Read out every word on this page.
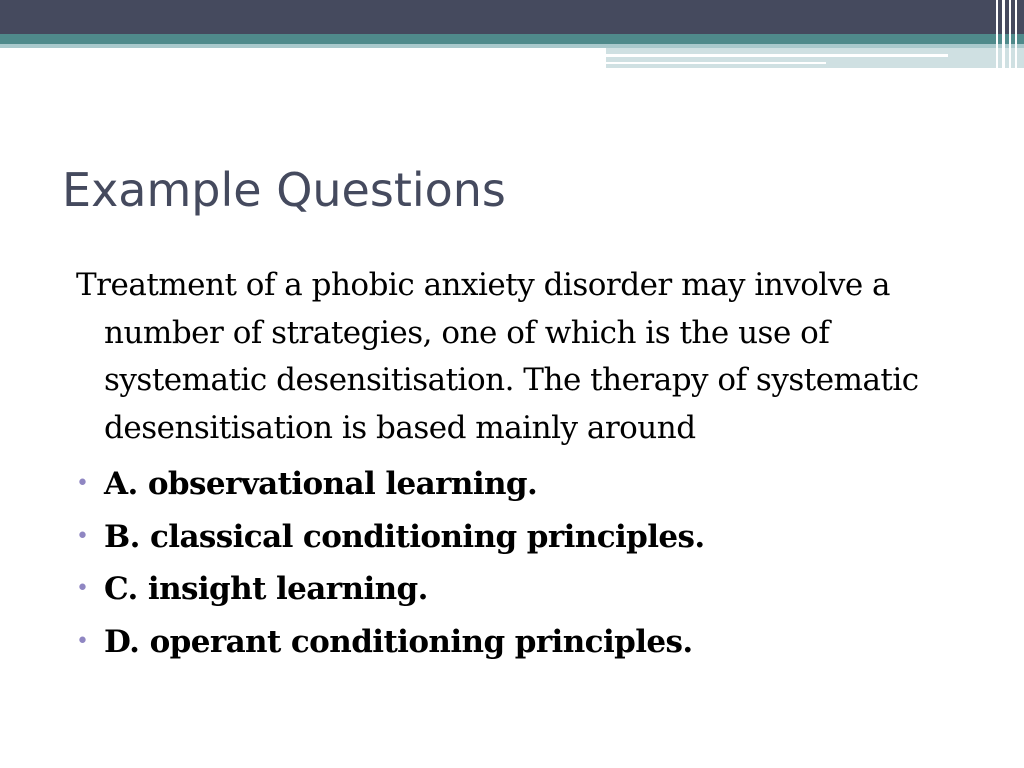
Example Questions

Treatment of a phobic anxiety disorder may involve a number of strategies, one of which is the use of systematic desensitisation. The therapy of systematic desensitisation is based mainly around

• A. observational learning.
• B. classical conditioning principles.
• C. insight learning.
• D. operant conditioning principles.
